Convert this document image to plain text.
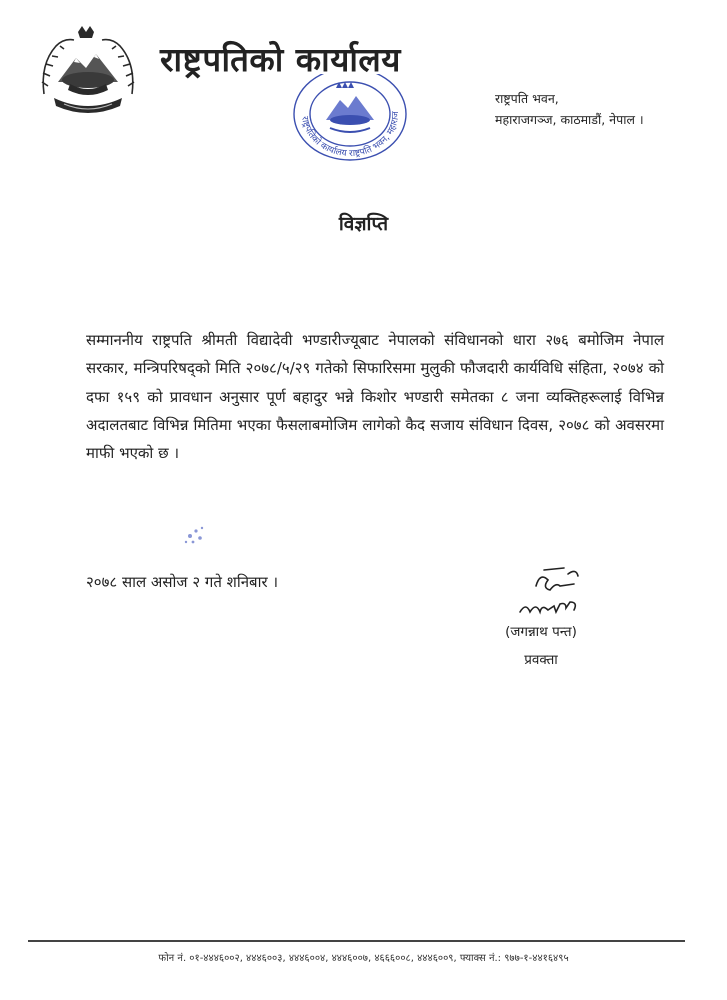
राष्ट्रपतिको कार्यालय
राष्ट्रपतिको कार्यालय राष्ट्रपति भवन, महाराज
राष्ट्रपति भवन,
महाराजगञ्ज, काठमाडौं, नेपाल ।
विज्ञप्ति

सम्माननीय राष्ट्रपति श्रीमती विद्यादेवी भण्डारीज्यूबाट नेपालको संविधानको धारा २७६ बमोजिम नेपाल सरकार, मन्त्रिपरिषद्को मिति २०७८/५/२९ गतेको सिफारिसमा मुलुकी फौजदारी कार्यविधि संहिता, २०७४ को दफा १५९ को प्रावधान अनुसार पूर्ण बहादुर भन्ने किशोर भण्डारी समेतका ८ जना व्यक्तिहरूलाई विभिन्न अदालतबाट विभिन्न मितिमा भएका फैसलाबमोजिम लागेको कैद सजाय संविधान दिवस, २०७८ को अवसरमा माफी भएको छ ।

२०७८ साल असोज २ गते शनिबार ।
(जगन्नाथ पन्त)
प्रवक्ता
फोन नं. ०१-४४४६००२, ४४४६००३, ४४४६००४, ४४४६००७, ४६६६००८, ४४४६००९, फ्याक्स नं.: ९७७-१-४४१६४९५
